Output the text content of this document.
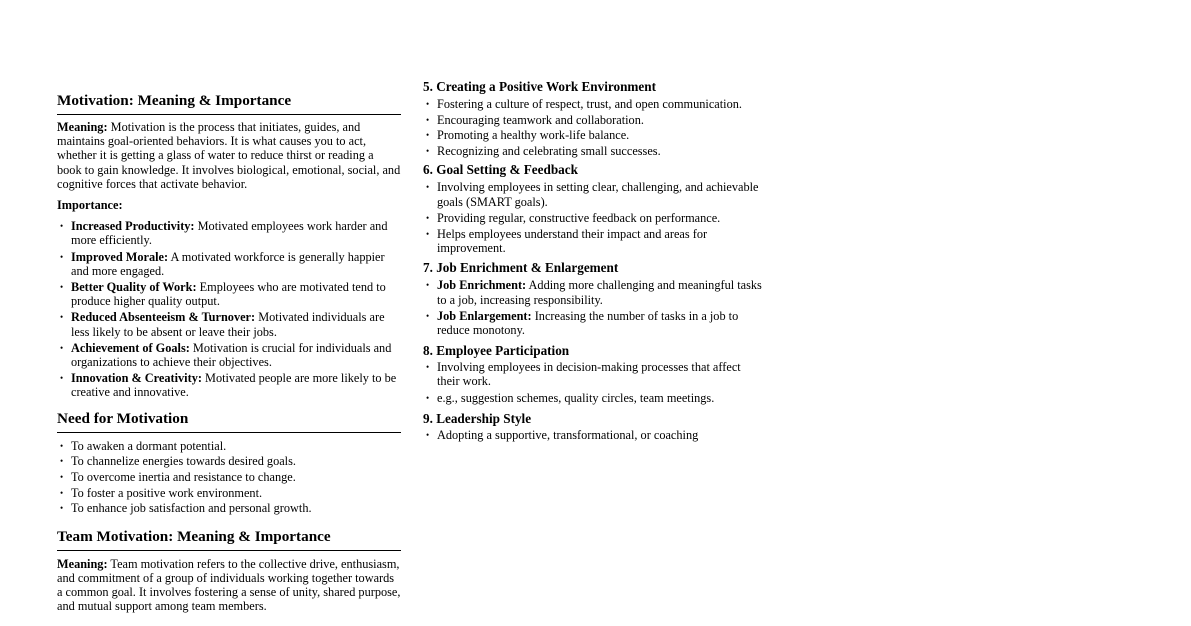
Motivation: Meaning & Importance

Meaning: Motivation is the process that initiates, guides, and maintains goal-oriented behaviors. It is what causes you to act, whether it is getting a glass of water to reduce thirst or reading a book to gain knowledge. It involves biological, emotional, social, and cognitive forces that activate behavior.

Importance:

• Increased Productivity: Motivated employees work harder and more efficiently.
• Improved Morale: A motivated workforce is generally happier and more engaged.
• Better Quality of Work: Employees who are motivated tend to produce higher quality output.
• Reduced Absenteeism & Turnover: Motivated individuals are less likely to be absent or leave their jobs.
• Achievement of Goals: Motivation is crucial for individuals and organizations to achieve their objectives.
• Innovation & Creativity: Motivated people are more likely to be creative and innovative.
Need for Motivation
• To awaken a dormant potential.
• To channelize energies towards desired goals.
• To overcome inertia and resistance to change.
• To foster a positive work environment.
• To enhance job satisfaction and personal growth.
Team Motivation: Meaning & Importance

Meaning: Team motivation refers to the collective drive, enthusiasm, and commitment of a group of individuals working together towards a common goal. It involves fostering a sense of unity, shared purpose, and mutual support among team members.

5. Creating a Positive Work Environment
• Fostering a culture of respect, trust, and open communication.
• Encouraging teamwork and collaboration.
• Promoting a healthy work-life balance.
• Recognizing and celebrating small successes.
6. Goal Setting & Feedback
• Involving employees in setting clear, challenging, and achievable goals (SMART goals).
• Providing regular, constructive feedback on performance.
• Helps employees understand their impact and areas for improvement.
7. Job Enrichment & Enlargement
• Job Enrichment: Adding more challenging and meaningful tasks to a job, increasing responsibility.
• Job Enlargement: Increasing the number of tasks in a job to reduce monotony.
8. Employee Participation
• Involving employees in decision-making processes that affect their work.
• e.g., suggestion schemes, quality circles, team meetings.
9. Leadership Style
• Adopting a supportive, transformational, or coaching
